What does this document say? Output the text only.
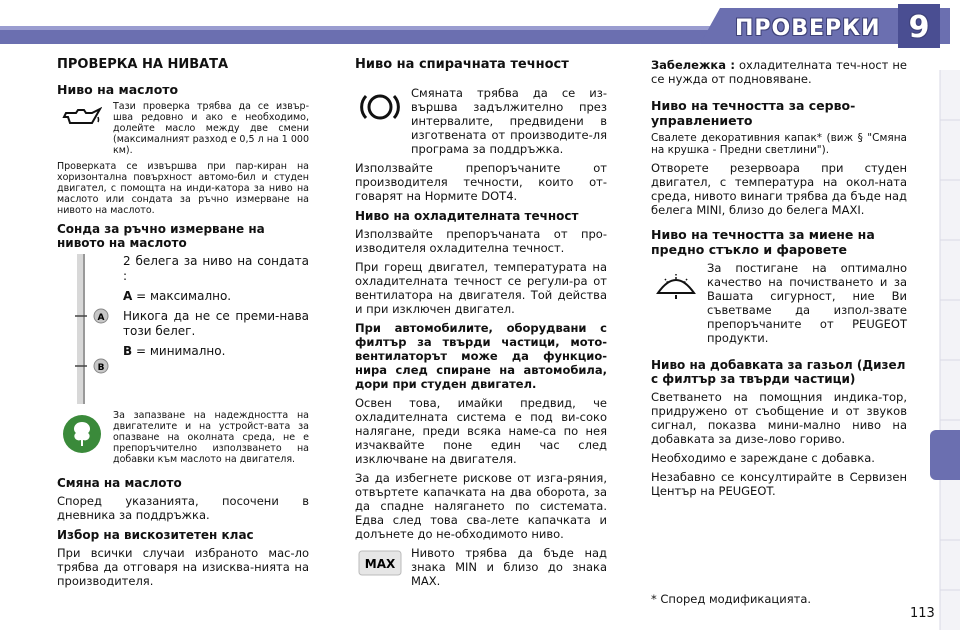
ПРОВЕРКИ 9
ПРОВЕРКА НА НИВАТА
Ниво на маслото

Тази проверка трябва да се извър-шва редовно и ако е необходимо, долейте масло между две смени (максималният разход е 0,5 л на 1 000 км).

Проверката се извършва при пар-киран на хоризонтална повърхност автомо-бил и студен двигател, с помощта на инди-катора за ниво на маслото или сондата за ръчно измерване на нивото на маслото.

Сонда за ръчно измерване на нивото на маслото
A
B

2 белега за ниво на сондата :

A = максимално.

Никога да не се преми-нава този белег.

B = минимално.

За запазване на надеждността на двигателите и на устройст-вата за опазване на околната среда, не е препоръчително използването на добавки към маслото на двигателя.

Смяна на маслото

Според указанията, посочени в дневника за поддръжка.

Избор на вискозитетен клас

При всички случаи избраното мас-ло трябва да отговаря на изисква-нията на производителя.

Ниво на спирачната течност

Смяната трябва да се из-вършва задължително през интервалите, предвидени в изготвената от производите-ля програма за поддръжка.

Използвайте препоръчаните от производителя течности, които от-говарят на Нормите DOT4.

Ниво на охладителната течност

Използвайте препоръчаната от про-изводителя охладителна течност.

При горещ двигател, температурата на охладителната течност се регули-ра от вентилатора на двигателя. Той действа и при изключен двигател.

При автомобилите, оборудвани с филтър за твърди частици, мото-вентилаторът може да функцио-нира след спиране на автомобила, дори при студен двигател.

Освен това, имайки предвид, че охладителната система е под ви-соко налягане, преди всяка наме-са по нея изчаквайте поне един час след изключване на двигателя.

За да избегнете рискове от изга-ряния, отвъртете капачката на два оборота, за да спадне налягането по системата. Едва след това сва-лете капачката и долънете до не-обходимото ниво.

MAX

Нивото трябва да бъде над знака MIN и близо до знака MAX.

Забележка : охладителната теч-ност не се нужда от подновяване.

Ниво на течността за сервоуправлението

Свалете декоративния капак* (виж § "Смяна на крушка - Предни светлини").

Отворете резервоара при студен двигател, с температура на окол-ната среда, нивото винаги трябва да бъде над белега MINI, близо до белега MAXI.

Ниво на течността за миене на предно стъкло и фаровете

За постигане на оптимално качество на почистването и за Вашата сигурност, ние Ви съветваме да изпол-звате препоръчаните от PEUGEOT продукти.

Ниво на добавката за газьол (Дизел с филтър за твърди частици)

Светването на помощния индика-тор, придружено от съобщение и от звуков сигнал, показва мини-мално ниво на добавката за дизе-лово гориво.

Необходимо е зареждане с добавка.

Незабавно се консултирайте в Сервизен Център на PEUGEOT.

* Според модификацията.
113
